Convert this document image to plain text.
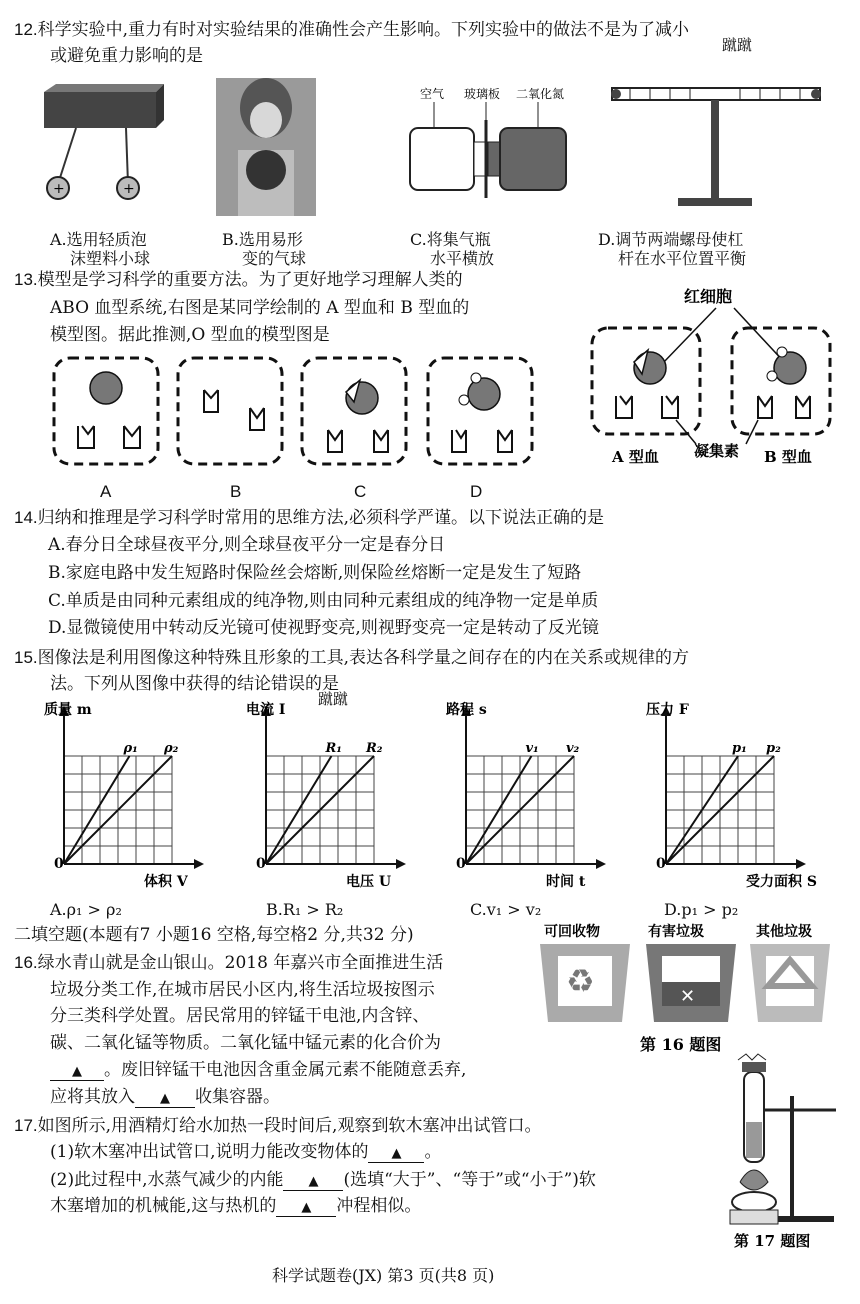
12.科学实验中,重力有时对实验结果的准确性会产生影响。下列实验中的做法不是为了减小
或避免重力影响的是
蹴蹴
+	+
空气 玻璃板 二氧化氮
A.选用轻质泡
沫塑料小球
B.选用易形
变的气球
C.将集气瓶
水平横放
D.调节两端螺母使杠
杆在水平位置平衡
13.模型是学习科学的重要方法。为了更好地学习理解人类的
ABO 血型系统,右图是某同学绘制的 A 型血和 B 型血的
模型图。据此推测,O 型血的模型图是
A	B	C	D
红细胞
A 型血 凝集素 B 型血
14.归纳和推理是学习科学时常用的思维方法,必须科学严谨。以下说法正确的是
A.春分日全球昼夜平分,则全球昼夜平分一定是春分日
B.家庭电路中发生短路时保险丝会熔断,则保险丝熔断一定是发生了短路
C.单质是由同种元素组成的纯净物,则由同种元素组成的纯净物一定是单质
D.显微镜使用中转动反光镜可使视野变亮,则视野变亮一定是转动了反光镜
15.图像法是利用图像这种特殊且形象的工具,表达各科学量之间存在的内在关系或规律的方
法。下列从图像中获得的结论错误的是
蹴蹴
ρ₁ ρ₂
质量 m
体积 V
0
R₁ R₂
电流 I
电压 U
0
v₁ v₂
路程 s
时间 t
0
p₁ p₂
压力 F
受力面积 S
0
A.ρ₁ > ρ₂	B.R₁ > R₂	C.v₁ > v₂	D.p₁ > p₂
二填空题(本题有7 小题16 空格,每空格2 分,共32 分)	可回收物	有害垃圾	其他垃圾
♻	✕
第 16 题图
16.绿水青山就是金山银山。2018 年嘉兴市全面推进生活
垃圾分类工作,在城市居民小区内,将生活垃圾按图示
分三类科学处置。居民常用的锌锰干电池,内含锌、
碳、二氧化锰等物质。二氧化锰中锰元素的化合价为
▲ 。废旧锌锰干电池因含重金属元素不能随意丢弃,
应将其放入 ▲ 收集容器。
17.如图所示,用酒精灯给水加热一段时间后,观察到软木塞冲出试管口。
(1)软木塞冲出试管口,说明力能改变物体的 ▲ 。
(2)此过程中,水蒸气减少的内能 ▲ (选填“大于”、“等于”或“小于”)软
木塞增加的机械能,这与热机的 ▲ 冲程相似。
第 17 题图
科学试题卷(JX) 第3 页(共8 页)
